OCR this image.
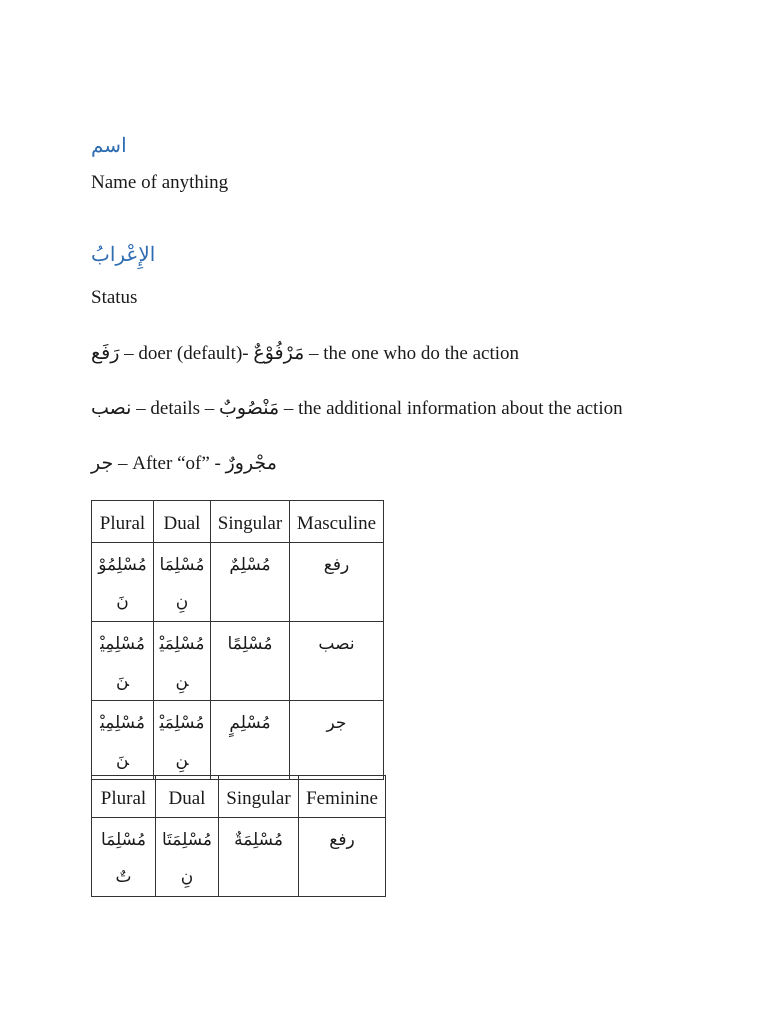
اسم
Name of anything
الإِعْرابُ
Status
رَفَع – doer (default)- مَرْفُوْعٌ – the one who do the action
نصب – details – مَنْصُوبٌ – the additional information about the action
جر – After “of” - مجْرورٌ
Plural	Dual	Singular	Masculine
مُسْلِمُوْنَ	مُسْلِمَانِ	مُسْلِمٌ	رفع
مُسْلِمِيْنَ	مُسْلِمَيْنِ	مُسْلِمًا	نصب
مُسْلِمِيْنَ	مُسْلِمَيْنِ	مُسْلِمٍ	جر
Plural	Dual	Singular	Feminine
مُسْلِمَاتٌ	مُسْلِمَتَانِ	مُسْلِمَةٌ	رفع
